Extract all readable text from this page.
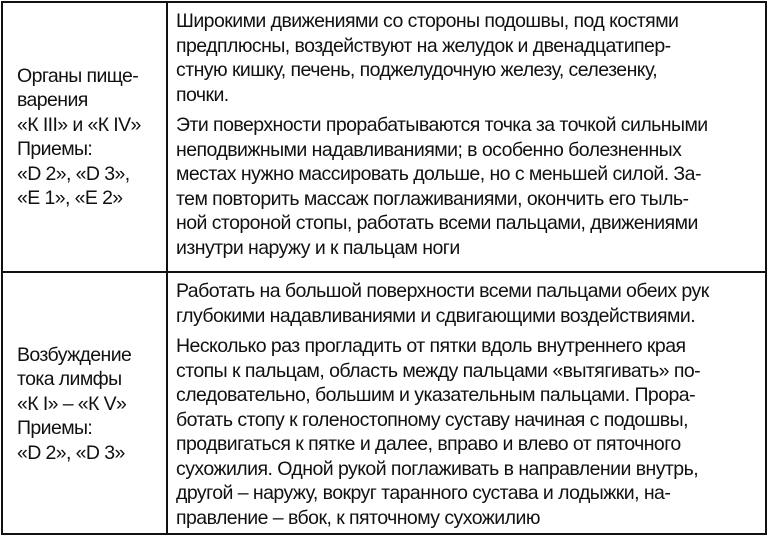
Органы пище-
варения
«К III» и «К IV»
Приемы:
«D 2», «D 3»,
«Е 1», «Е 2»
Широкими движениями со стороны подошвы, под костями
предплюсны, воздействуют на желудок и двенадцатипер-
стную кишку, печень, поджелудочную железу, селезенку,
почки.
Эти поверхности прорабатываются точка за точкой сильными
неподвижными надавливаниями; в особенно болезненных
местах нужно массировать дольше, но с меньшей силой. За-
тем повторить массаж поглаживаниями, окончить его тыль-
ной стороной стопы, работать всеми пальцами, движениями
изнутри наружу и к пальцам ноги
Возбуждение
тока лимфы
«К I» – «К V»
Приемы:
«D 2», «D 3»
Работать на большой поверхности всеми пальцами обеих рук
глубокими надавливаниями и сдвигающими воздействиями.
Несколько раз прогладить от пятки вдоль внутреннего края
стопы к пальцам, область между пальцами «вытягивать» по-
следовательно, большим и указательным пальцами. Прора-
ботать стопу к голеностопному суставу начиная с подошвы,
продвигаться к пятке и далее, вправо и влево от пяточного
сухожилия. Одной рукой поглаживать в направлении внутрь,
другой – наружу, вокруг таранного сустава и лодыжки, на-
правление – вбок, к пяточному сухожилию
